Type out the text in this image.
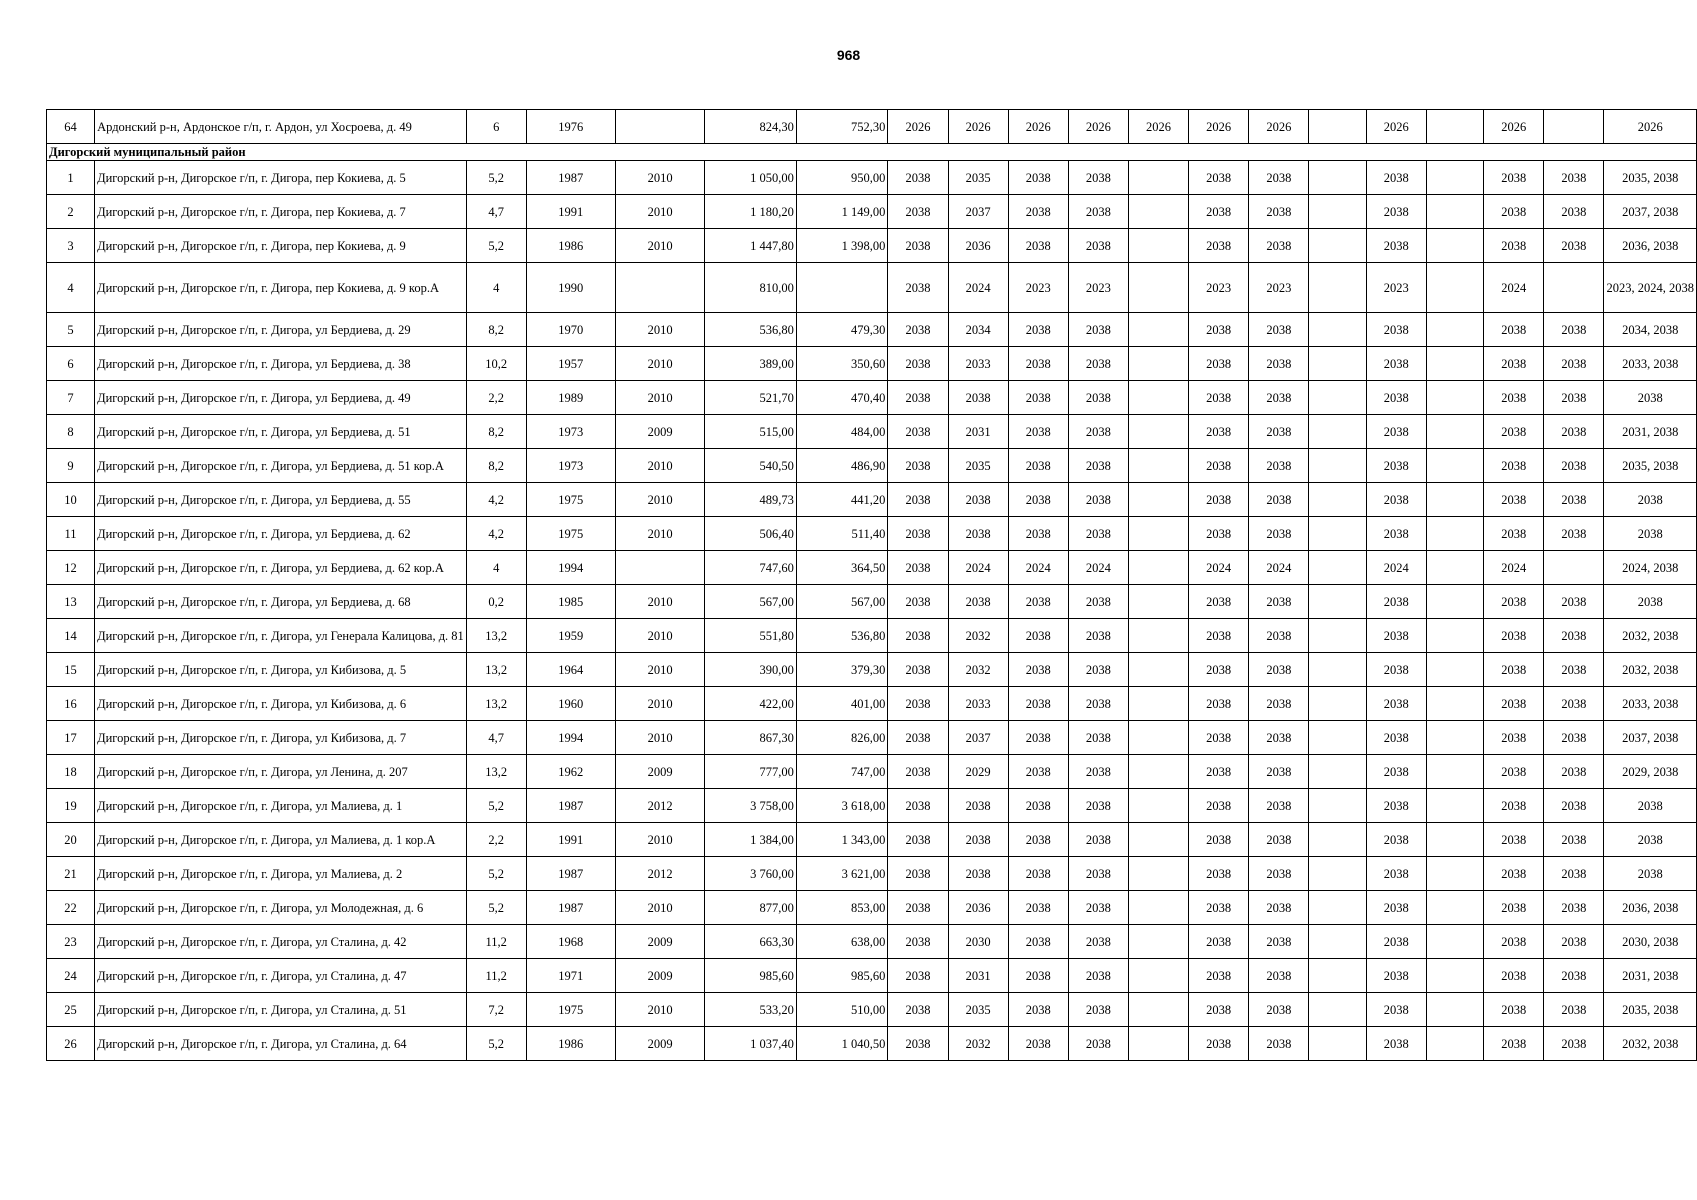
968
64	Ардонский р-н, Ардонское г/п, г. Ардон, ул Хосроева, д. 49	6	1976		824,30	752,30	2026	2026	2026	2026	2026	2026	2026		2026		2026		2026
Дигорский муниципальный район																			
1	Дигорский р-н, Дигорское г/п, г. Дигора, пер Кокиева, д. 5	5,2	1987	2010	1 050,00	950,00	2038	2035	2038	2038		2038	2038		2038		2038	2038	2035, 2038
2	Дигорский р-н, Дигорское г/п, г. Дигора, пер Кокиева, д. 7	4,7	1991	2010	1 180,20	1 149,00	2038	2037	2038	2038		2038	2038		2038		2038	2038	2037, 2038
3	Дигорский р-н, Дигорское г/п, г. Дигора, пер Кокиева, д. 9	5,2	1986	2010	1 447,80	1 398,00	2038	2036	2038	2038		2038	2038		2038		2038	2038	2036, 2038
4	Дигорский р-н, Дигорское г/п, г. Дигора, пер Кокиева, д. 9 кор.А	4	1990		810,00		2038	2024	2023	2023		2023	2023		2023		2024		2023, 2024, 2038
5	Дигорский р-н, Дигорское г/п, г. Дигора, ул Бердиева, д. 29	8,2	1970	2010	536,80	479,30	2038	2034	2038	2038		2038	2038		2038		2038	2038	2034, 2038
6	Дигорский р-н, Дигорское г/п, г. Дигора, ул Бердиева, д. 38	10,2	1957	2010	389,00	350,60	2038	2033	2038	2038		2038	2038		2038		2038	2038	2033, 2038
7	Дигорский р-н, Дигорское г/п, г. Дигора, ул Бердиева, д. 49	2,2	1989	2010	521,70	470,40	2038	2038	2038	2038		2038	2038		2038		2038	2038	2038
8	Дигорский р-н, Дигорское г/п, г. Дигора, ул Бердиева, д. 51	8,2	1973	2009	515,00	484,00	2038	2031	2038	2038		2038	2038		2038		2038	2038	2031, 2038
9	Дигорский р-н, Дигорское г/п, г. Дигора, ул Бердиева, д. 51 кор.А	8,2	1973	2010	540,50	486,90	2038	2035	2038	2038		2038	2038		2038		2038	2038	2035, 2038
10	Дигорский р-н, Дигорское г/п, г. Дигора, ул Бердиева, д. 55	4,2	1975	2010	489,73	441,20	2038	2038	2038	2038		2038	2038		2038		2038	2038	2038
11	Дигорский р-н, Дигорское г/п, г. Дигора, ул Бердиева, д. 62	4,2	1975	2010	506,40	511,40	2038	2038	2038	2038		2038	2038		2038		2038	2038	2038
12	Дигорский р-н, Дигорское г/п, г. Дигора, ул Бердиева, д. 62 кор.А	4	1994		747,60	364,50	2038	2024	2024	2024		2024	2024		2024		2024		2024, 2038
13	Дигорский р-н, Дигорское г/п, г. Дигора, ул Бердиева, д. 68	0,2	1985	2010	567,00	567,00	2038	2038	2038	2038		2038	2038		2038		2038	2038	2038
14	Дигорский р-н, Дигорское г/п, г. Дигора, ул Генерала Калицова, д. 81	13,2	1959	2010	551,80	536,80	2038	2032	2038	2038		2038	2038		2038		2038	2038	2032, 2038
15	Дигорский р-н, Дигорское г/п, г. Дигора, ул Кибизова, д. 5	13,2	1964	2010	390,00	379,30	2038	2032	2038	2038		2038	2038		2038		2038	2038	2032, 2038
16	Дигорский р-н, Дигорское г/п, г. Дигора, ул Кибизова, д. 6	13,2	1960	2010	422,00	401,00	2038	2033	2038	2038		2038	2038		2038		2038	2038	2033, 2038
17	Дигорский р-н, Дигорское г/п, г. Дигора, ул Кибизова, д. 7	4,7	1994	2010	867,30	826,00	2038	2037	2038	2038		2038	2038		2038		2038	2038	2037, 2038
18	Дигорский р-н, Дигорское г/п, г. Дигора, ул Ленина, д. 207	13,2	1962	2009	777,00	747,00	2038	2029	2038	2038		2038	2038		2038		2038	2038	2029, 2038
19	Дигорский р-н, Дигорское г/п, г. Дигора, ул Малиева, д. 1	5,2	1987	2012	3 758,00	3 618,00	2038	2038	2038	2038		2038	2038		2038		2038	2038	2038
20	Дигорский р-н, Дигорское г/п, г. Дигора, ул Малиева, д. 1 кор.А	2,2	1991	2010	1 384,00	1 343,00	2038	2038	2038	2038		2038	2038		2038		2038	2038	2038
21	Дигорский р-н, Дигорское г/п, г. Дигора, ул Малиева, д. 2	5,2	1987	2012	3 760,00	3 621,00	2038	2038	2038	2038		2038	2038		2038		2038	2038	2038
22	Дигорский р-н, Дигорское г/п, г. Дигора, ул Молодежная, д. 6	5,2	1987	2010	877,00	853,00	2038	2036	2038	2038		2038	2038		2038		2038	2038	2036, 2038
23	Дигорский р-н, Дигорское г/п, г. Дигора, ул Сталина, д. 42	11,2	1968	2009	663,30	638,00	2038	2030	2038	2038		2038	2038		2038		2038	2038	2030, 2038
24	Дигорский р-н, Дигорское г/п, г. Дигора, ул Сталина, д. 47	11,2	1971	2009	985,60	985,60	2038	2031	2038	2038		2038	2038		2038		2038	2038	2031, 2038
25	Дигорский р-н, Дигорское г/п, г. Дигора, ул Сталина, д. 51	7,2	1975	2010	533,20	510,00	2038	2035	2038	2038		2038	2038		2038		2038	2038	2035, 2038
26	Дигорский р-н, Дигорское г/п, г. Дигора, ул Сталина, д. 64	5,2	1986	2009	1 037,40	1 040,50	2038	2032	2038	2038		2038	2038		2038		2038	2038	2032, 2038
